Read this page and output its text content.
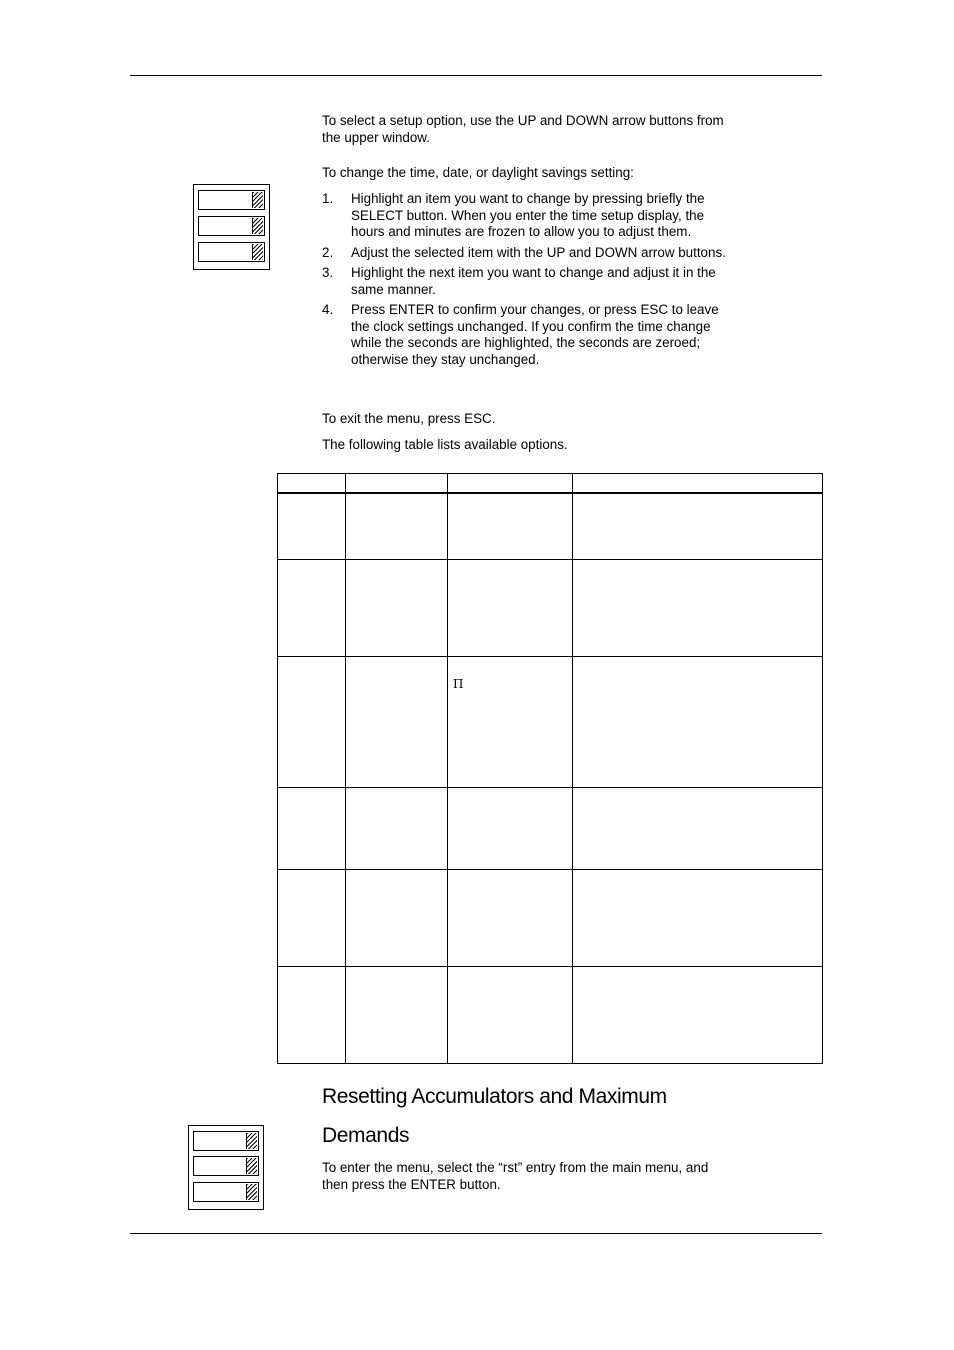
To select a setup option, use the UP and DOWN arrow buttons from the upper window.

To change the time, date, or daylight savings setting:

1. Highlight an item you want to change by pressing briefly the SELECT button. When you enter the time setup display, the hours and minutes are frozen to allow you to adjust them.
2. Adjust the selected item with the UP and DOWN arrow buttons.
3. Highlight the next item you want to change and adjust it in the same manner.
4. Press ENTER to confirm your changes, or press ESC to leave the clock settings unchanged. If you confirm the time change while the seconds are highlighted, the seconds are zeroed; otherwise they stay unchanged.

To exit the menu, press ESC.

The following table lists available options.

Π
Resetting Accumulators and Maximum Demands

To enter the menu, select the “rst” entry from the main menu, and then press the ENTER button.
